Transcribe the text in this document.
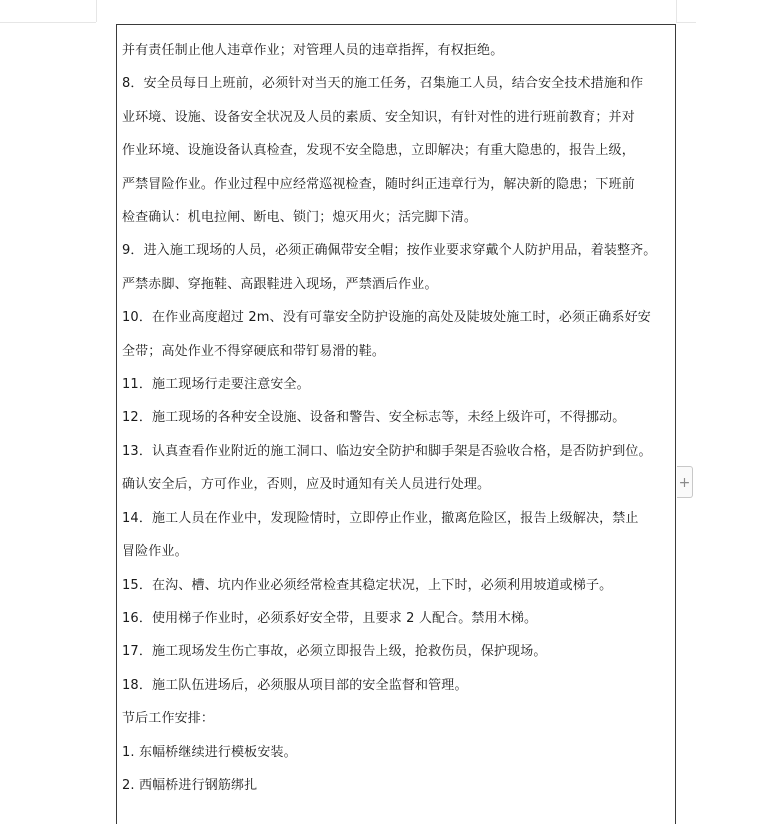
并有责任制止他人违章作业；对管理人员的违章指挥，有权拒绝。

8．安全员每日上班前，必须针对当天的施工任务，召集施工人员，结合安全技术措施和作

业环境、设施、设备安全状况及人员的素质、安全知识，有针对性的进行班前教育；并对

作业环境、设施设备认真检查，发现不安全隐患，立即解决；有重大隐患的，报告上级，

严禁冒险作业。作业过程中应经常巡视检查，随时纠正违章行为，解决新的隐患；下班前

检查确认：机电拉闸、断电、锁门；熄灭用火；活完脚下清。

9．进入施工现场的人员，必须正确佩带安全帽；按作业要求穿戴个人防护用品，着装整齐。

严禁赤脚、穿拖鞋、高跟鞋进入现场，严禁酒后作业。

10．在作业高度超过 2m、没有可靠安全防护设施的高处及陡坡处施工时，必须正确系好安

全带；高处作业不得穿硬底和带钉易滑的鞋。

11．施工现场行走要注意安全。

12．施工现场的各种安全设施、设备和警告、安全标志等，未经上级许可，不得挪动。

13．认真查看作业附近的施工洞口、临边安全防护和脚手架是否验收合格，是否防护到位。

确认安全后，方可作业，否则，应及时通知有关人员进行处理。

14．施工人员在作业中，发现险情时，立即停止作业，撤离危险区，报告上级解决，禁止

冒险作业。

15．在沟、槽、坑内作业必须经常检查其稳定状况，上下时，必须利用坡道或梯子。

16．使用梯子作业时，必须系好安全带，且要求 2 人配合。禁用木梯。

17．施工现场发生伤亡事故，必须立即报告上级，抢救伤员，保护现场。

18．施工队伍进场后，必须服从项目部的安全监督和管理。

节后工作安排：

1. 东幅桥继续进行模板安装。

2. 西幅桥进行钢筋绑扎

+
